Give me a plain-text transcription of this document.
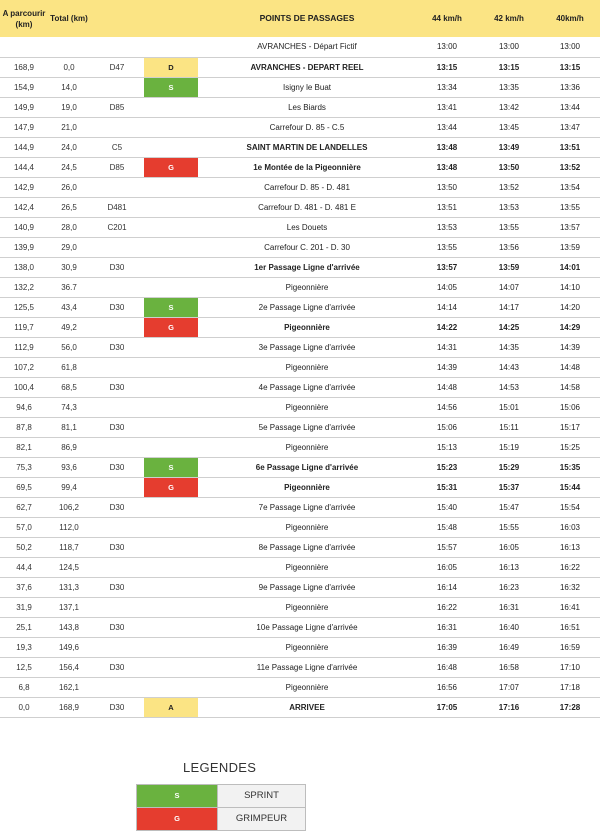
A parcourir (km)	Total (km)			POINTS DE PASSAGES	44 km/h	42 km/h	40km/h
				AVRANCHES - Départ Fictif	13:00	13:00	13:00
168,9	0,0	D47	D	AVRANCHES - DEPART REEL	13:15	13:15	13:15
154,9	14,0		S	Isigny le Buat	13:34	13:35	13:36
149,9	19,0	D85		Les Biards	13:41	13:42	13:44
147,9	21,0			Carrefour D. 85 - C.5	13:44	13:45	13:47
144,9	24,0	C5		SAINT MARTIN DE LANDELLES	13:48	13:49	13:51
144,4	24,5	D85	G	1e Montée de la Pigeonnière	13:48	13:50	13:52
142,9	26,0			Carrefour D. 85 - D. 481	13:50	13:52	13:54
142,4	26,5	D481		Carrefour D. 481 - D. 481 E	13:51	13:53	13:55
140,9	28,0	C201		Les Douets	13:53	13:55	13:57
139,9	29,0			Carrefour C. 201 - D. 30	13:55	13:56	13:59
138,0	30,9	D30		1er Passage Ligne d'arrivée	13:57	13:59	14:01
132,2	36.7			Pigeonnière	14:05	14:07	14:10
125,5	43,4	D30	S	2e Passage Ligne d'arrivée	14:14	14:17	14:20
119,7	49,2		G	Pigeonnière	14:22	14:25	14:29
112,9	56,0	D30		3e Passage Ligne d'arrivée	14:31	14:35	14:39
107,2	61,8			Pigeonnière	14:39	14:43	14:48
100,4	68,5	D30		4e Passage Ligne d'arrivée	14:48	14:53	14:58
94,6	74,3			Pigeonnière	14:56	15:01	15:06
87,8	81,1	D30		5e Passage Ligne d'arrivée	15:06	15:11	15:17
82,1	86,9			Pigeonnière	15:13	15:19	15:25
75,3	93,6	D30	S	6e Passage Ligne d'arrivée	15:23	15:29	15:35
69,5	99,4		G	Pigeonnière	15:31	15:37	15:44
62,7	106,2	D30		7e Passage Ligne d'arrivée	15:40	15:47	15:54
57,0	112,0			Pigeonnière	15:48	15:55	16:03
50,2	118,7	D30		8e Passage Ligne d'arrivée	15:57	16:05	16:13
44,4	124,5			Pigeonnière	16:05	16:13	16:22
37,6	131,3	D30		9e Passage Ligne d'arrivée	16:14	16:23	16:32
31,9	137,1			Pigeonnière	16:22	16:31	16:41
25,1	143,8	D30		10e Passage Ligne d'arrivée	16:31	16:40	16:51
19,3	149,6			Pigeonnière	16:39	16:49	16:59
12,5	156,4	D30		11e Passage Ligne d'arrivée	16:48	16:58	17:10
6,8	162,1			Pigeonnière	16:56	17:07	17:18
0,0	168,9	D30	A	ARRIVEE	17:05	17:16	17:28
LEGENDES
S	SPRINT
G	GRIMPEUR
